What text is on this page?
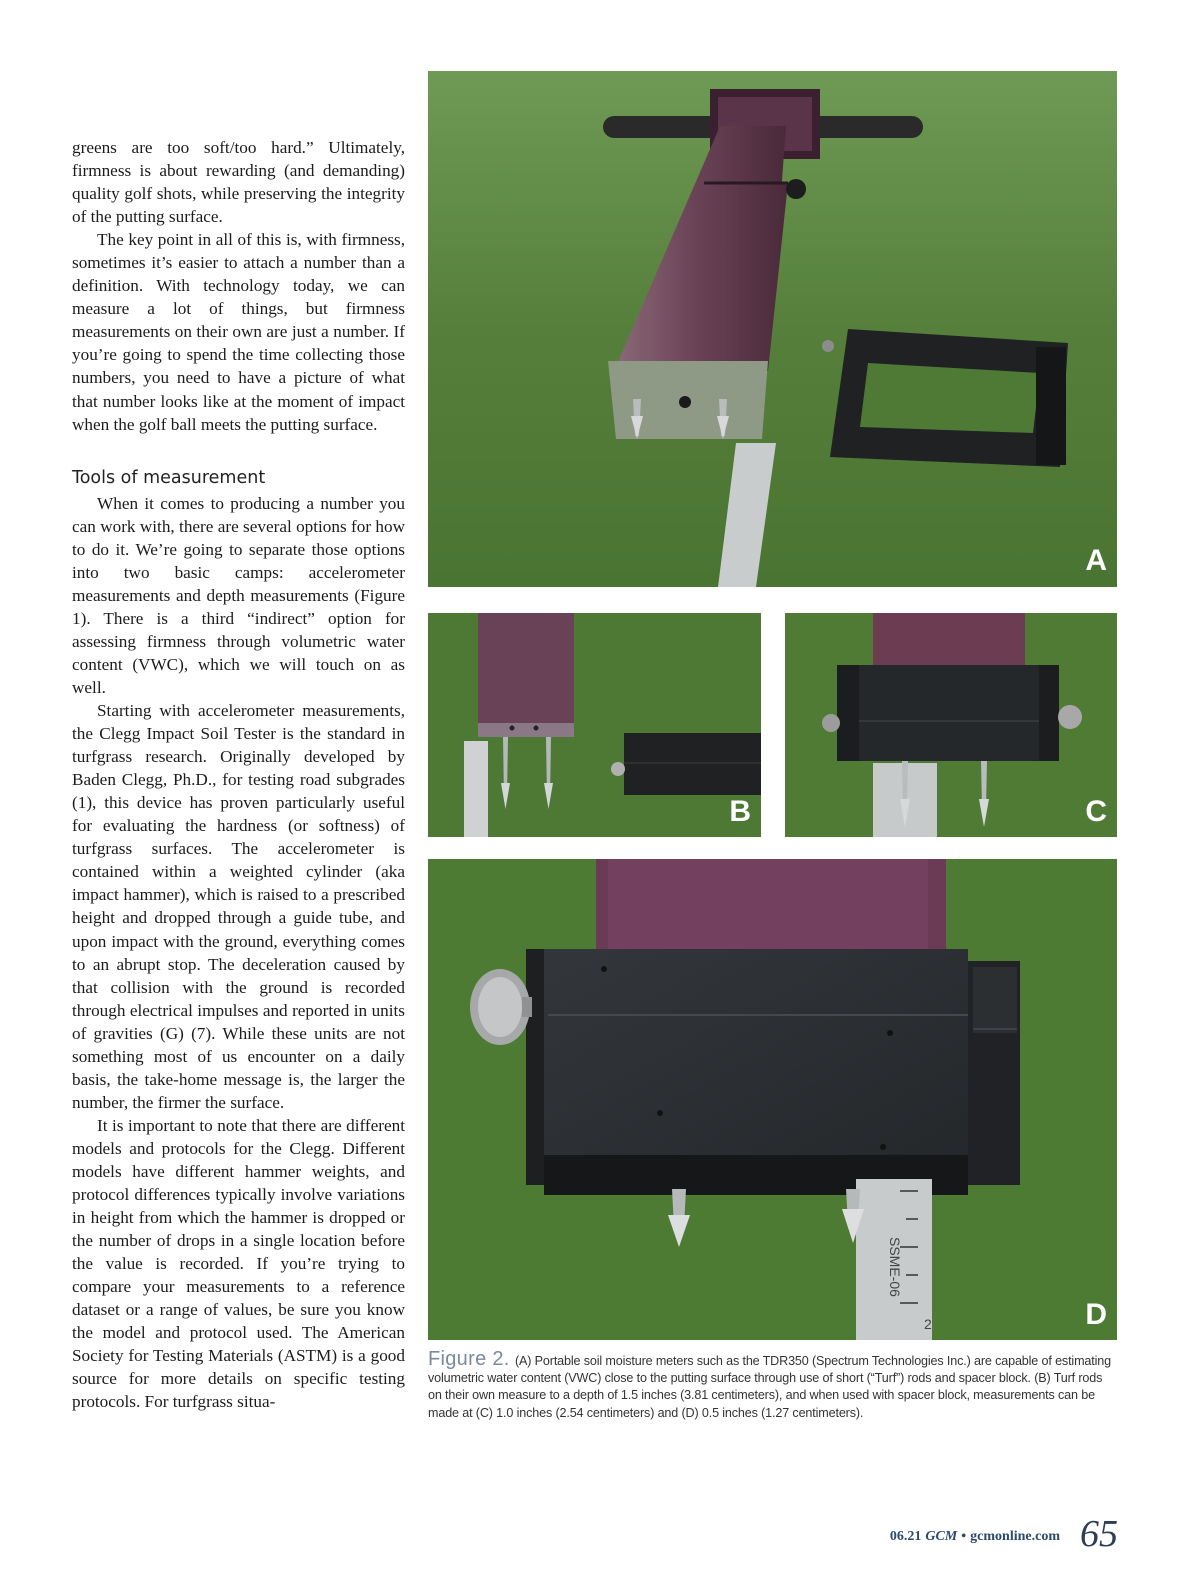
greens are too soft/too hard.” Ultimately, firmness is about rewarding (and demanding) quality golf shots, while preserving the integrity of the putting surface.

The key point in all of this is, with firmness, sometimes it’s easier to attach a number than a definition. With technology today, we can measure a lot of things, but firmness measurements on their own are just a number. If you’re going to spend the time collecting those numbers, you need to have a picture of what that number looks like at the moment of impact when the golf ball meets the putting surface.

Tools of measurement

When it comes to producing a number you can work with, there are several options for how to do it. We’re going to separate those options into two basic camps: accelerometer measurements and depth measurements (Figure 1). There is a third “indirect” option for assessing firmness through volumetric water content (VWC), which we will touch on as well.

Starting with accelerometer measurements, the Clegg Impact Soil Tester is the standard in turfgrass research. Originally developed by Baden Clegg, Ph.D., for testing road subgrades (1), this device has proven particularly useful for evaluating the hardness (or softness) of turfgrass surfaces. The accelerometer is contained within a weighted cylinder (aka impact hammer), which is raised to a prescribed height and dropped through a guide tube, and upon impact with the ground, everything comes to an abrupt stop. The deceleration caused by that collision with the ground is recorded through electrical impulses and reported in units of gravities (G) (7). While these units are not something most of us encounter on a daily basis, the take-home message is, the larger the number, the firmer the surface.

It is important to note that there are different models and protocols for the Clegg. Different models have different hammer weights, and protocol differences typically involve variations in height from which the hammer is dropped or the number of drops in a single location before the value is recorded. If you’re trying to compare your measurements to a reference dataset or a range of values, be sure you know the model and protocol used. The American Society for Testing Materials (ASTM) is a good source for more details on specific testing protocols. For turfgrass situa-

A
B	C
SSME-06
2	D
Figure 2. (A) Portable soil moisture meters such as the TDR350 (Spectrum Technologies Inc.) are capable of estimating volumetric water content (VWC) close to the putting surface through use of short (“Turf”) rods and spacer block. (B) Turf rods on their own measure to a depth of 1.5 inches (3.81 centimeters), and when used with spacer block, measurements can be made at (C) 1.0 inches (2.54 centimeters) and (D) 0.5 inches (1.27 centimeters).
06.21 GCM • gcmonline.com 65
